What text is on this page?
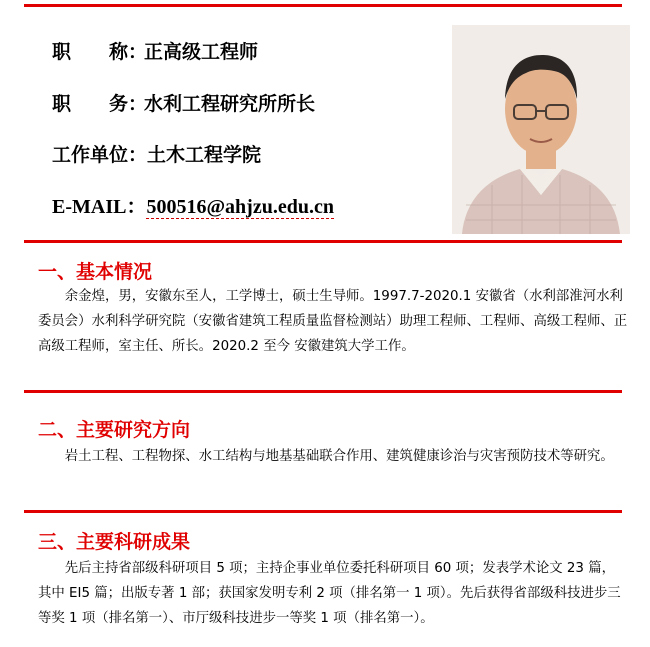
职　　称：正高级工程师
职　　务：水利工程研究所所长
工作单位：土木工程学院
E-MAIL：500516@ahjzu.edu.cn
一、基本情况

余金煌，男，安徽东至人，工学博士，硕士生导师。1997.7-2020.1 安徽省（水利部淮河水利委员会）水利科学研究院（安徽省建筑工程质量监督检测站）助理工程师、工程师、高级工程师、正高级工程师，室主任、所长。2020.2 至今 安徽建筑大学工作。

二、主要研究方向

岩土工程、工程物探、水工结构与地基基础联合作用、建筑健康诊治与灾害预防技术等研究。

三、主要科研成果

先后主持省部级科研项目 5 项；主持企事业单位委托科研项目 60 项；发表学术论文 23 篇，其中 EI5 篇；出版专著 1 部；获国家发明专利 2 项（排名第一 1 项）。先后获得省部级科技进步三等奖 1 项（排名第一）、市厅级科技进步一等奖 1 项（排名第一）。
